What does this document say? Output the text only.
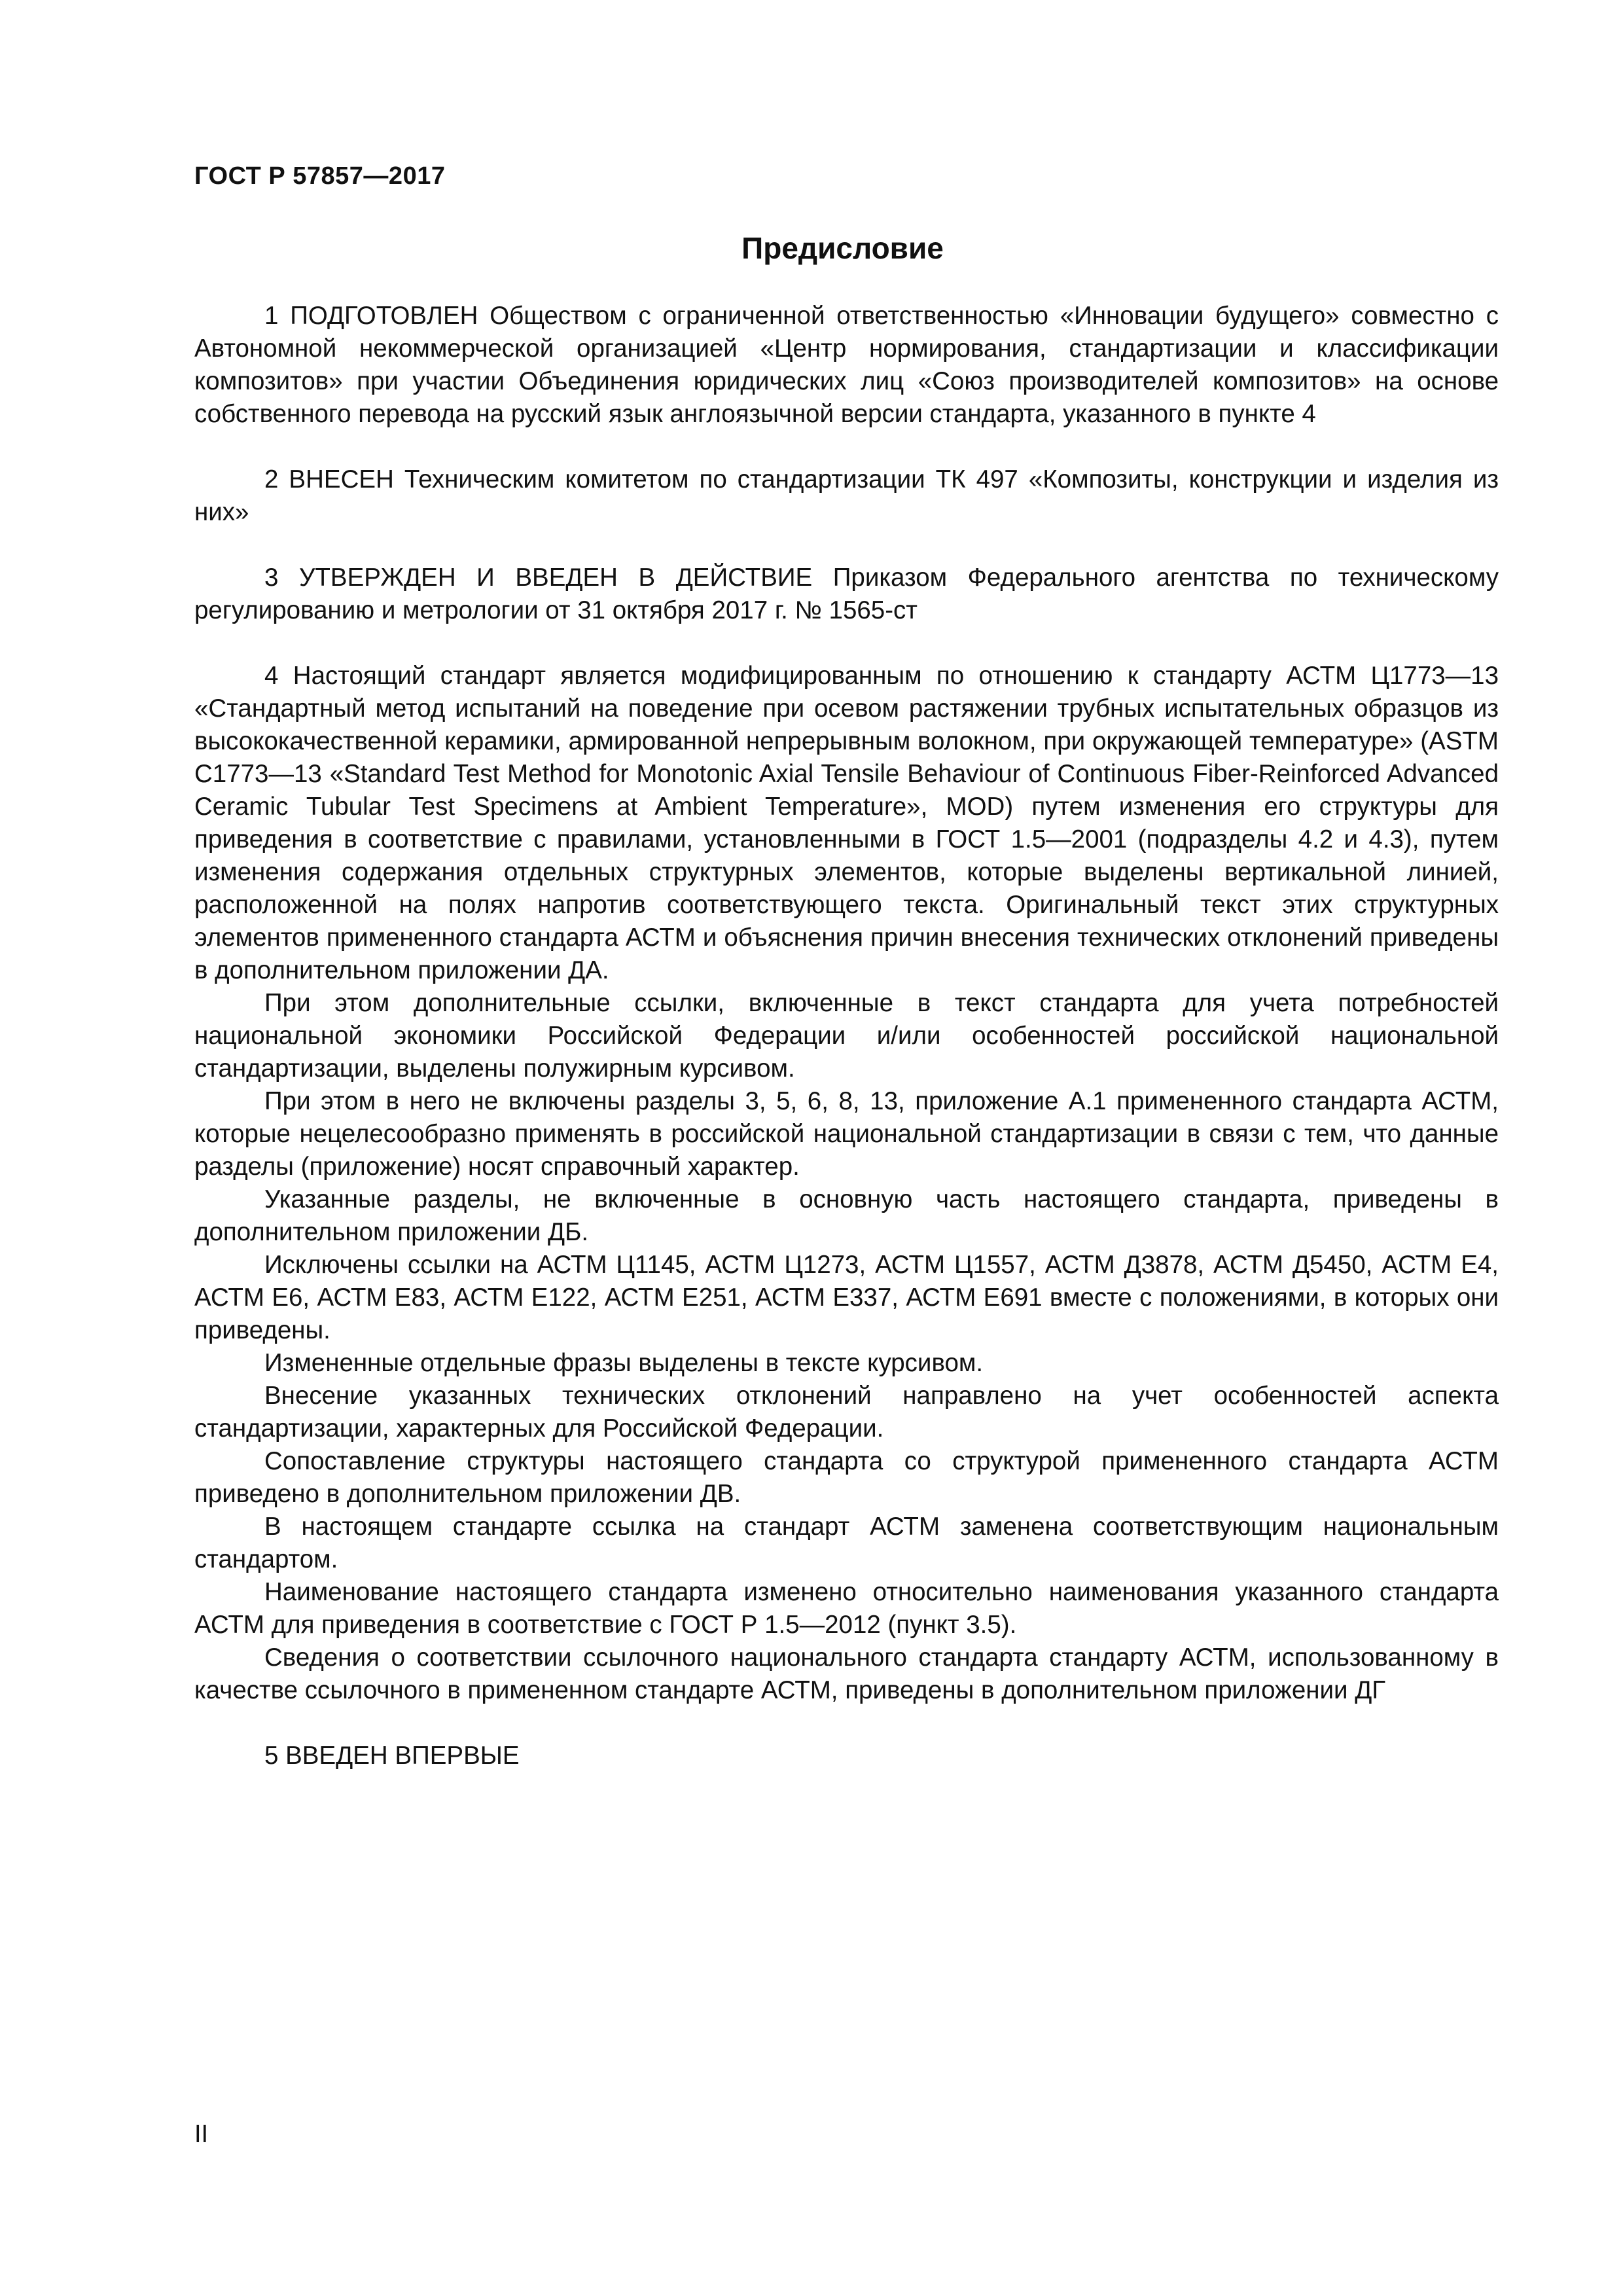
ГОСТ Р 57857—2017
Предисловие

1 ПОДГОТОВЛЕН Обществом с ограниченной ответственностью «Инновации будущего» совместно с Автономной некоммерческой организацией «Центр нормирования, стандартизации и классификации композитов» при участии Объединения юридических лиц «Союз производителей композитов» на основе собственного перевода на русский язык англоязычной версии стандарта, указанного в пункте 4

2 ВНЕСЕН Техническим комитетом по стандартизации ТК 497 «Композиты, конструкции и изделия из них»

3 УТВЕРЖДЕН И ВВЕДЕН В ДЕЙСТВИЕ Приказом Федерального агентства по техническому регулированию и метрологии от 31 октября 2017 г. № 1565-ст

4 Настоящий стандарт является модифицированным по отношению к стандарту АСТМ Ц1773—13 «Стандартный метод испытаний на поведение при осевом растяжении трубных испытательных образцов из высококачественной керамики, армированной непрерывным волокном, при окружающей температуре» (ASTM C1773—13 «Standard Test Method for Monotonic Axial Tensile Behaviour of Continuous Fiber-Reinforced Advanced Ceramic Tubular Test Specimens at Ambient Temperature», MOD) путем изменения его структуры для приведения в соответствие с правилами, установленными в ГОСТ 1.5—2001 (подразделы 4.2 и 4.3), путем изменения содержания отдельных структурных элементов, которые выделены вертикальной линией, расположенной на полях напротив соответствующего текста. Оригинальный текст этих структурных элементов примененного стандарта АСТМ и объяснения причин внесения технических отклонений приведены в дополнительном приложении ДА.

При этом дополнительные ссылки, включенные в текст стандарта для учета потребностей национальной экономики Российской Федерации и/или особенностей российской национальной стандартизации, выделены полужирным курсивом.

При этом в него не включены разделы 3, 5, 6, 8, 13, приложение А.1 примененного стандарта АСТМ, которые нецелесообразно применять в российской национальной стандартизации в связи с тем, что данные разделы (приложение) носят справочный характер.

Указанные разделы, не включенные в основную часть настоящего стандарта, приведены в дополнительном приложении ДБ.

Исключены ссылки на АСТМ Ц1145, АСТМ Ц1273, АСТМ Ц1557, АСТМ Д3878, АСТМ Д5450, АСТМ Е4, АСТМ Е6, АСТМ Е83, АСТМ Е122, АСТМ Е251, АСТМ Е337, АСТМ Е691 вместе с положениями, в которых они приведены.

Измененные отдельные фразы выделены в тексте курсивом.

Внесение указанных технических отклонений направлено на учет особенностей аспекта стандартизации, характерных для Российской Федерации.

Сопоставление структуры настоящего стандарта со структурой примененного стандарта АСТМ приведено в дополнительном приложении ДВ.

В настоящем стандарте ссылка на стандарт АСТМ заменена соответствующим национальным стандартом.

Наименование настоящего стандарта изменено относительно наименования указанного стандарта АСТМ для приведения в соответствие с ГОСТ Р 1.5—2012 (пункт 3.5).

Сведения о соответствии ссылочного национального стандарта стандарту АСТМ, использованному в качестве ссылочного в примененном стандарте АСТМ, приведены в дополнительном приложении ДГ

5 ВВЕДЕН ВПЕРВЫЕ

II
